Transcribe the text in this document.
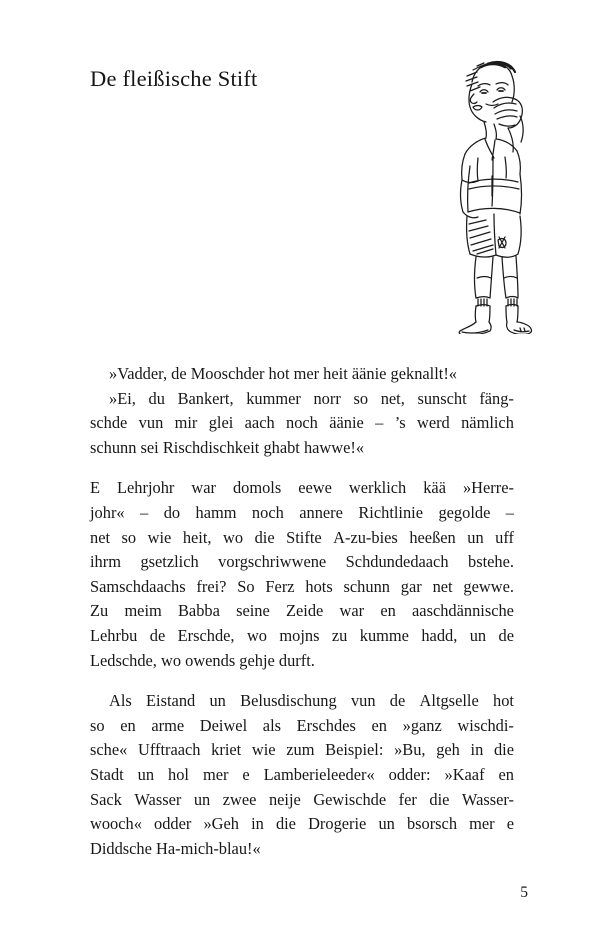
De fleißische Stift

»Vadder, de Mooschder hot mer heit äänie geknallt!«
»Ei, du Bankert, kummer norr so net, sunscht fäng-
schde vun mir glei aach noch äänie – ’s werd nämlich
schunn sei Rischdischkeit ghabt hawwe!«

E Lehrjohr war domols eewe werklich kää »Herre-
johr« – do hamm noch annere Richtlinie gegolde –
net so wie heit, wo die Stifte A-zu-bies heeßen un uff
ihrm gsetzlich vorgschriwwene Schdundedaach bstehe.
Samschdaachs frei? So Ferz hots schunn gar net gewwe.
Zu meim Babba seine Zeide war en aaschdännische
Lehrbu de Erschde, wo mojns zu kumme hadd, un de
Ledschde, wo owends gehje durft.

Als Eistand un Belusdischung vun de Altgselle hot
so en arme Deiwel als Erschdes en »ganz wischdi-
sche« Ufftraach kriet wie zum Beispiel: »Bu, geh in die
Stadt un hol mer e Lamberieleeder« odder: »Kaaf en
Sack Wasser un zwee neije Gewischde fer die Wasser-
wooch« odder »Geh in die Drogerie un bsorsch mer e
Diddsche Ha-mich-blau!«

5
